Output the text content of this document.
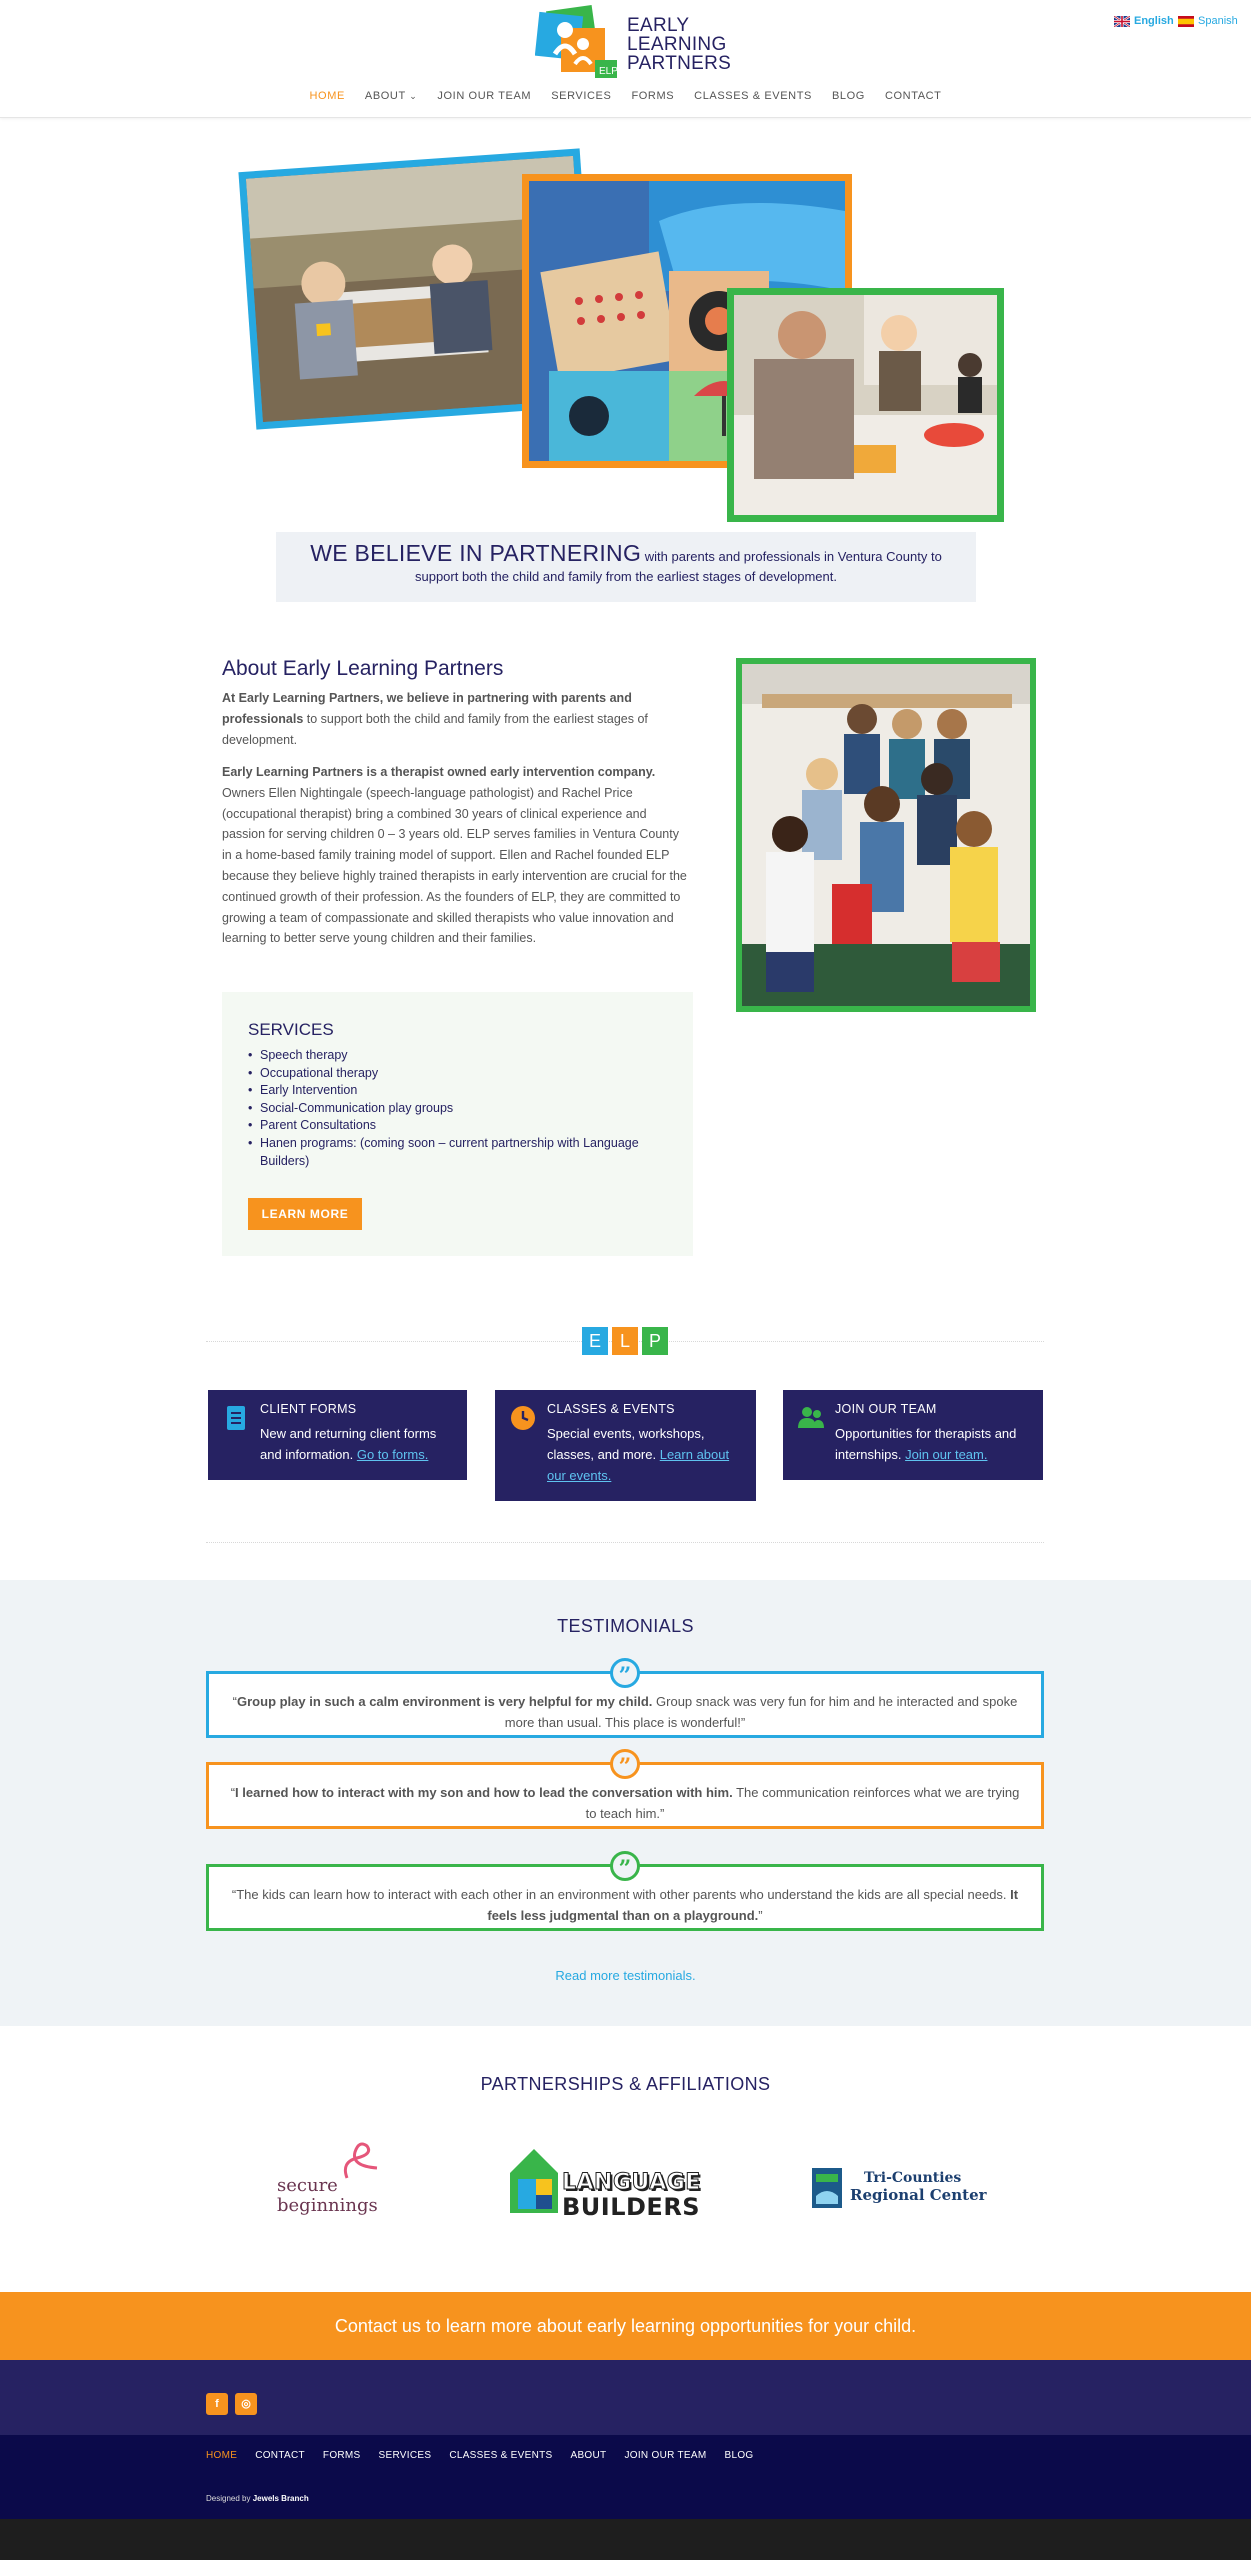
ELP
EARLY
LEARNING
PARTNERS
English Spanish
HOME ABOUT ⌄ JOIN OUR TEAM SERVICES FORMS CLASSES & EVENTS BLOG CONTACT
WE BELIEVE IN PARTNERING with parents and professionals in Ventura County to
support both the child and family from the earliest stages of development.
About Early Learning Partners
At Early Learning Partners, we believe in partnering with parents and professionals to support both the child and family from the earliest stages of development.
Early Learning Partners is a therapist owned early intervention company. Owners Ellen Nightingale (speech-language pathologist) and Rachel Price (occupational therapist) bring a combined 30 years of clinical experience and passion for serving children 0 – 3 years old. ELP serves families in Ventura County in a home-based family training model of support. Ellen and Rachel founded ELP because they believe highly trained therapists in early intervention are crucial for the continued growth of their profession. As the founders of ELP, they are committed to growing a team of compassionate and skilled therapists who value innovation and learning to better serve young children and their families.
SERVICES
• Speech therapy
• Occupational therapy
• Early Intervention
• Social-Communication play groups
• Parent Consultations
• Hanen programs: (coming soon – current partnership with Language Builders)
LEARN MORE
E	L	P
CLIENT FORMS
New and returning client forms and information. Go to forms.
CLASSES & EVENTS
Special events, workshops, classes, and more. Learn about our events.
JOIN OUR TEAM
Opportunities for therapists and internships. Join our team.
TESTIMONIALS
“Group play in such a calm environment is very helpful for my child. Group snack was very fun for him and he interacted and spoke more than usual. This place is wonderful!”
”
“I learned how to interact with my son and how to lead the conversation with him. The communication reinforces what we are trying to teach him.”
”
“The kids can learn how to interact with each other in an environment with other parents who understand the kids are all special needs. It feels less judgmental than on a playground.”
”
Read more testimonials.
PARTNERSHIPS & AFFILIATIONS
secure
beginnings
LANGUAGE
BUILDERS
Tri-Counties
Regional Center
Contact us to learn more about early learning opportunities for your child.
f	◎
HOME CONTACT FORMS SERVICES CLASSES & EVENTS ABOUT JOIN OUR TEAM BLOG
Designed by Jewels Branch
